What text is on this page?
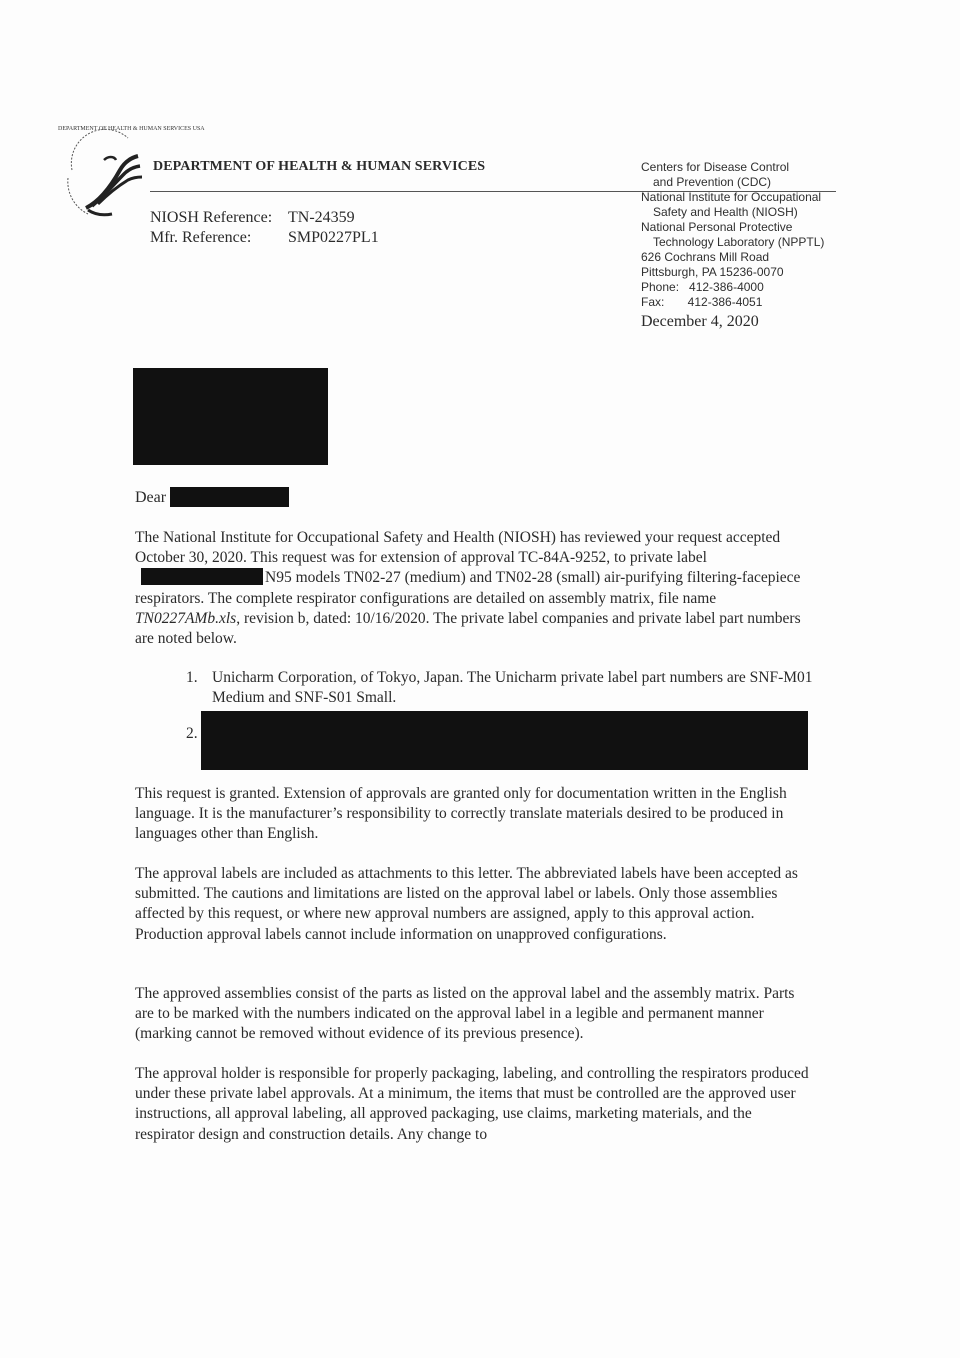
DEPARTMENT OF HEALTH & HUMAN SERVICES USA
DEPARTMENT OF HEALTH & HUMAN SERVICES
NIOSH Reference: TN-24359
Mfr. Reference:	SMP0227PL1
Centers for Disease Control
and Prevention (CDC)
National Institute for Occupational
Safety and Health (NIOSH)
National Personal Protective
Technology Laboratory (NPPTL)
626 Cochrans Mill Road
Pittsburgh, PA 15236-0070
Phone:   412-386-4000
Fax:       412-386-4051
December 4, 2020
Dear
The National Institute for Occupational Safety and Health (NIOSH) has reviewed your request accepted October 30, 2020. This request was for extension of approval TC-84A-9252, to private labelN95 models TN02-27 (medium) and TN02-28 (small) air-purifying filtering-facepiece respirators. The complete respirator configurations are detailed on assembly matrix, file name TN0227AMb.xls, revision b, dated: 10/16/2020. The private label companies and private label part numbers are noted below.
1. Unicharm Corporation, of Tokyo, Japan. The Unicharm private label part numbers are SNF-M01 Medium and SNF-S01 Small.
2.
This request is granted. Extension of approvals are granted only for documentation written in the English language. It is the manufacturer’s responsibility to correctly translate materials desired to be produced in languages other than English.
The approval labels are included as attachments to this letter. The abbreviated labels have been accepted as submitted. The cautions and limitations are listed on the approval label or labels. Only those assemblies affected by this request, or where new approval numbers are assigned, apply to this approval action. Production approval labels cannot include information on unapproved configurations.
The approved assemblies consist of the parts as listed on the approval label and the assembly matrix. Parts are to be marked with the numbers indicated on the approval label in a legible and permanent manner (marking cannot be removed without evidence of its previous presence).
The approval holder is responsible for properly packaging, labeling, and controlling the respirators produced under these private label approvals. At a minimum, the items that must be controlled are the approved user instructions, all approval labeling, all approved packaging, use claims, marketing materials, and the respirator design and construction details. Any change to
